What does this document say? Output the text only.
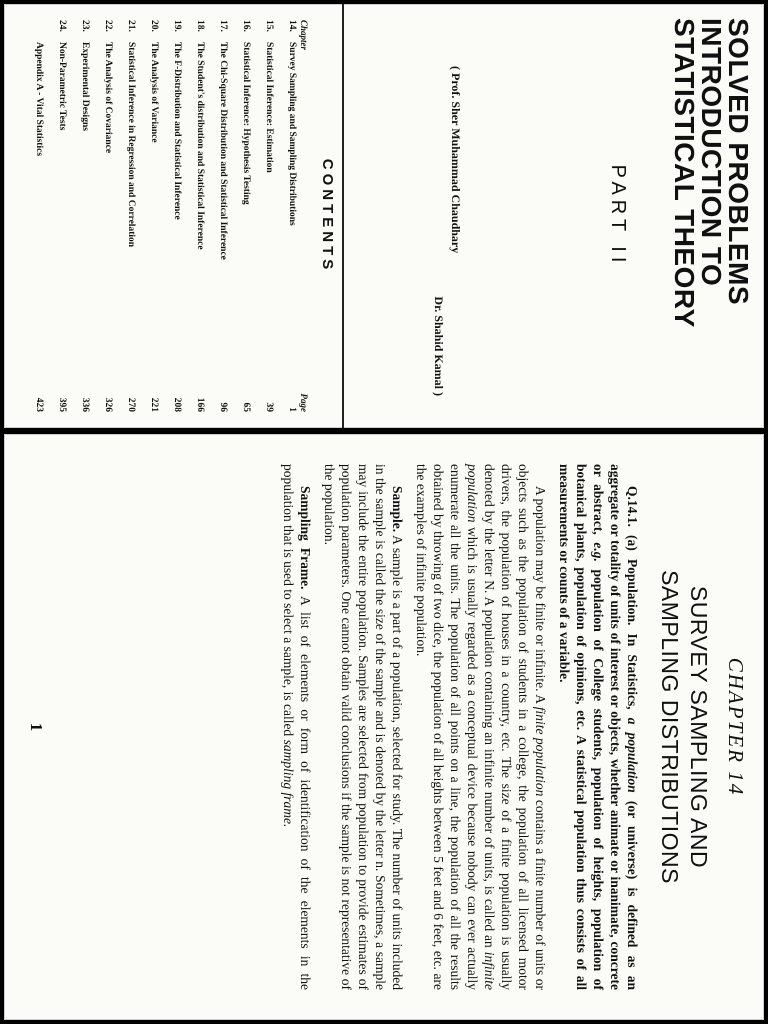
SOLVED PROBLEMS
INTRODUCTION TO
STATISTICAL THEORY
PART II
( Prof. Sher Muhammad Chaudhary
Dr. Shahid Kamal )
CONTENTS
Chapter
Page
14.
Survey Sampling and Sampling Distributions
1
15.
Statistical Inference: Estimation
39
16.
Statistical Inference: Hypothesis Testing
65
17.
The Chi-Square Distribution and Statistical Inference
96
18.
The Student's distribution and Statistical Inference
166
19.
The F-Distribution and Statistical Inference
208
20.
The Analysis of Variance
221
21.
Statistical Inference in Regression and Correlation
270
22.
The Analysis of Covariance
326
23.
Experimental Designs
336
24.
Non-Parametric Tests
395
Appendix A - Vital Statistics
423
CHAPTER 14
SURVEY SAMPLING AND
SAMPLING DISTRIBUTIONS

Q.14.1. (a) Population. In Statistics, a population (or universe) is defined as an aggregate or totality of units of interest or objects, whether animate or inanimate, concrete or abstract, e.g. population of College students, population of heights, population of botanical plants, population of opinions, etc. A statistical population thus consists of all measurements or counts of a variable.

A population may be finite or infinite. A finite population contains a finite number of units or objects such as the population of students in a college, the population of all licensed motor drivers, the population of houses in a country, etc. The size of a finite population is usually denoted by the letter N. A population containing an infinite number of units, is called an infinite population which is usually regarded as a conceptual device because nobody can ever actually enumerate all the units. The population of all points on a line, the population of all the results obtained by throwing of two dice, the population of all heights between 5 feet and 6 feet, etc. are the examples of infinite population.

Sample. A sample is a part of a population, selected for study. The number of units included in the sample is called the size of the sample and is denoted by the letter n. Sometimes, a sample may include the entire population. Samples are selected from population to provide estimates of population parameters. One cannot obtain valid conclusions if the sample is not representative of the population.

Sampling Frame. A list of elements or form of identification of the elements in the population that is used to select a sample, is called sampling frame.

1
